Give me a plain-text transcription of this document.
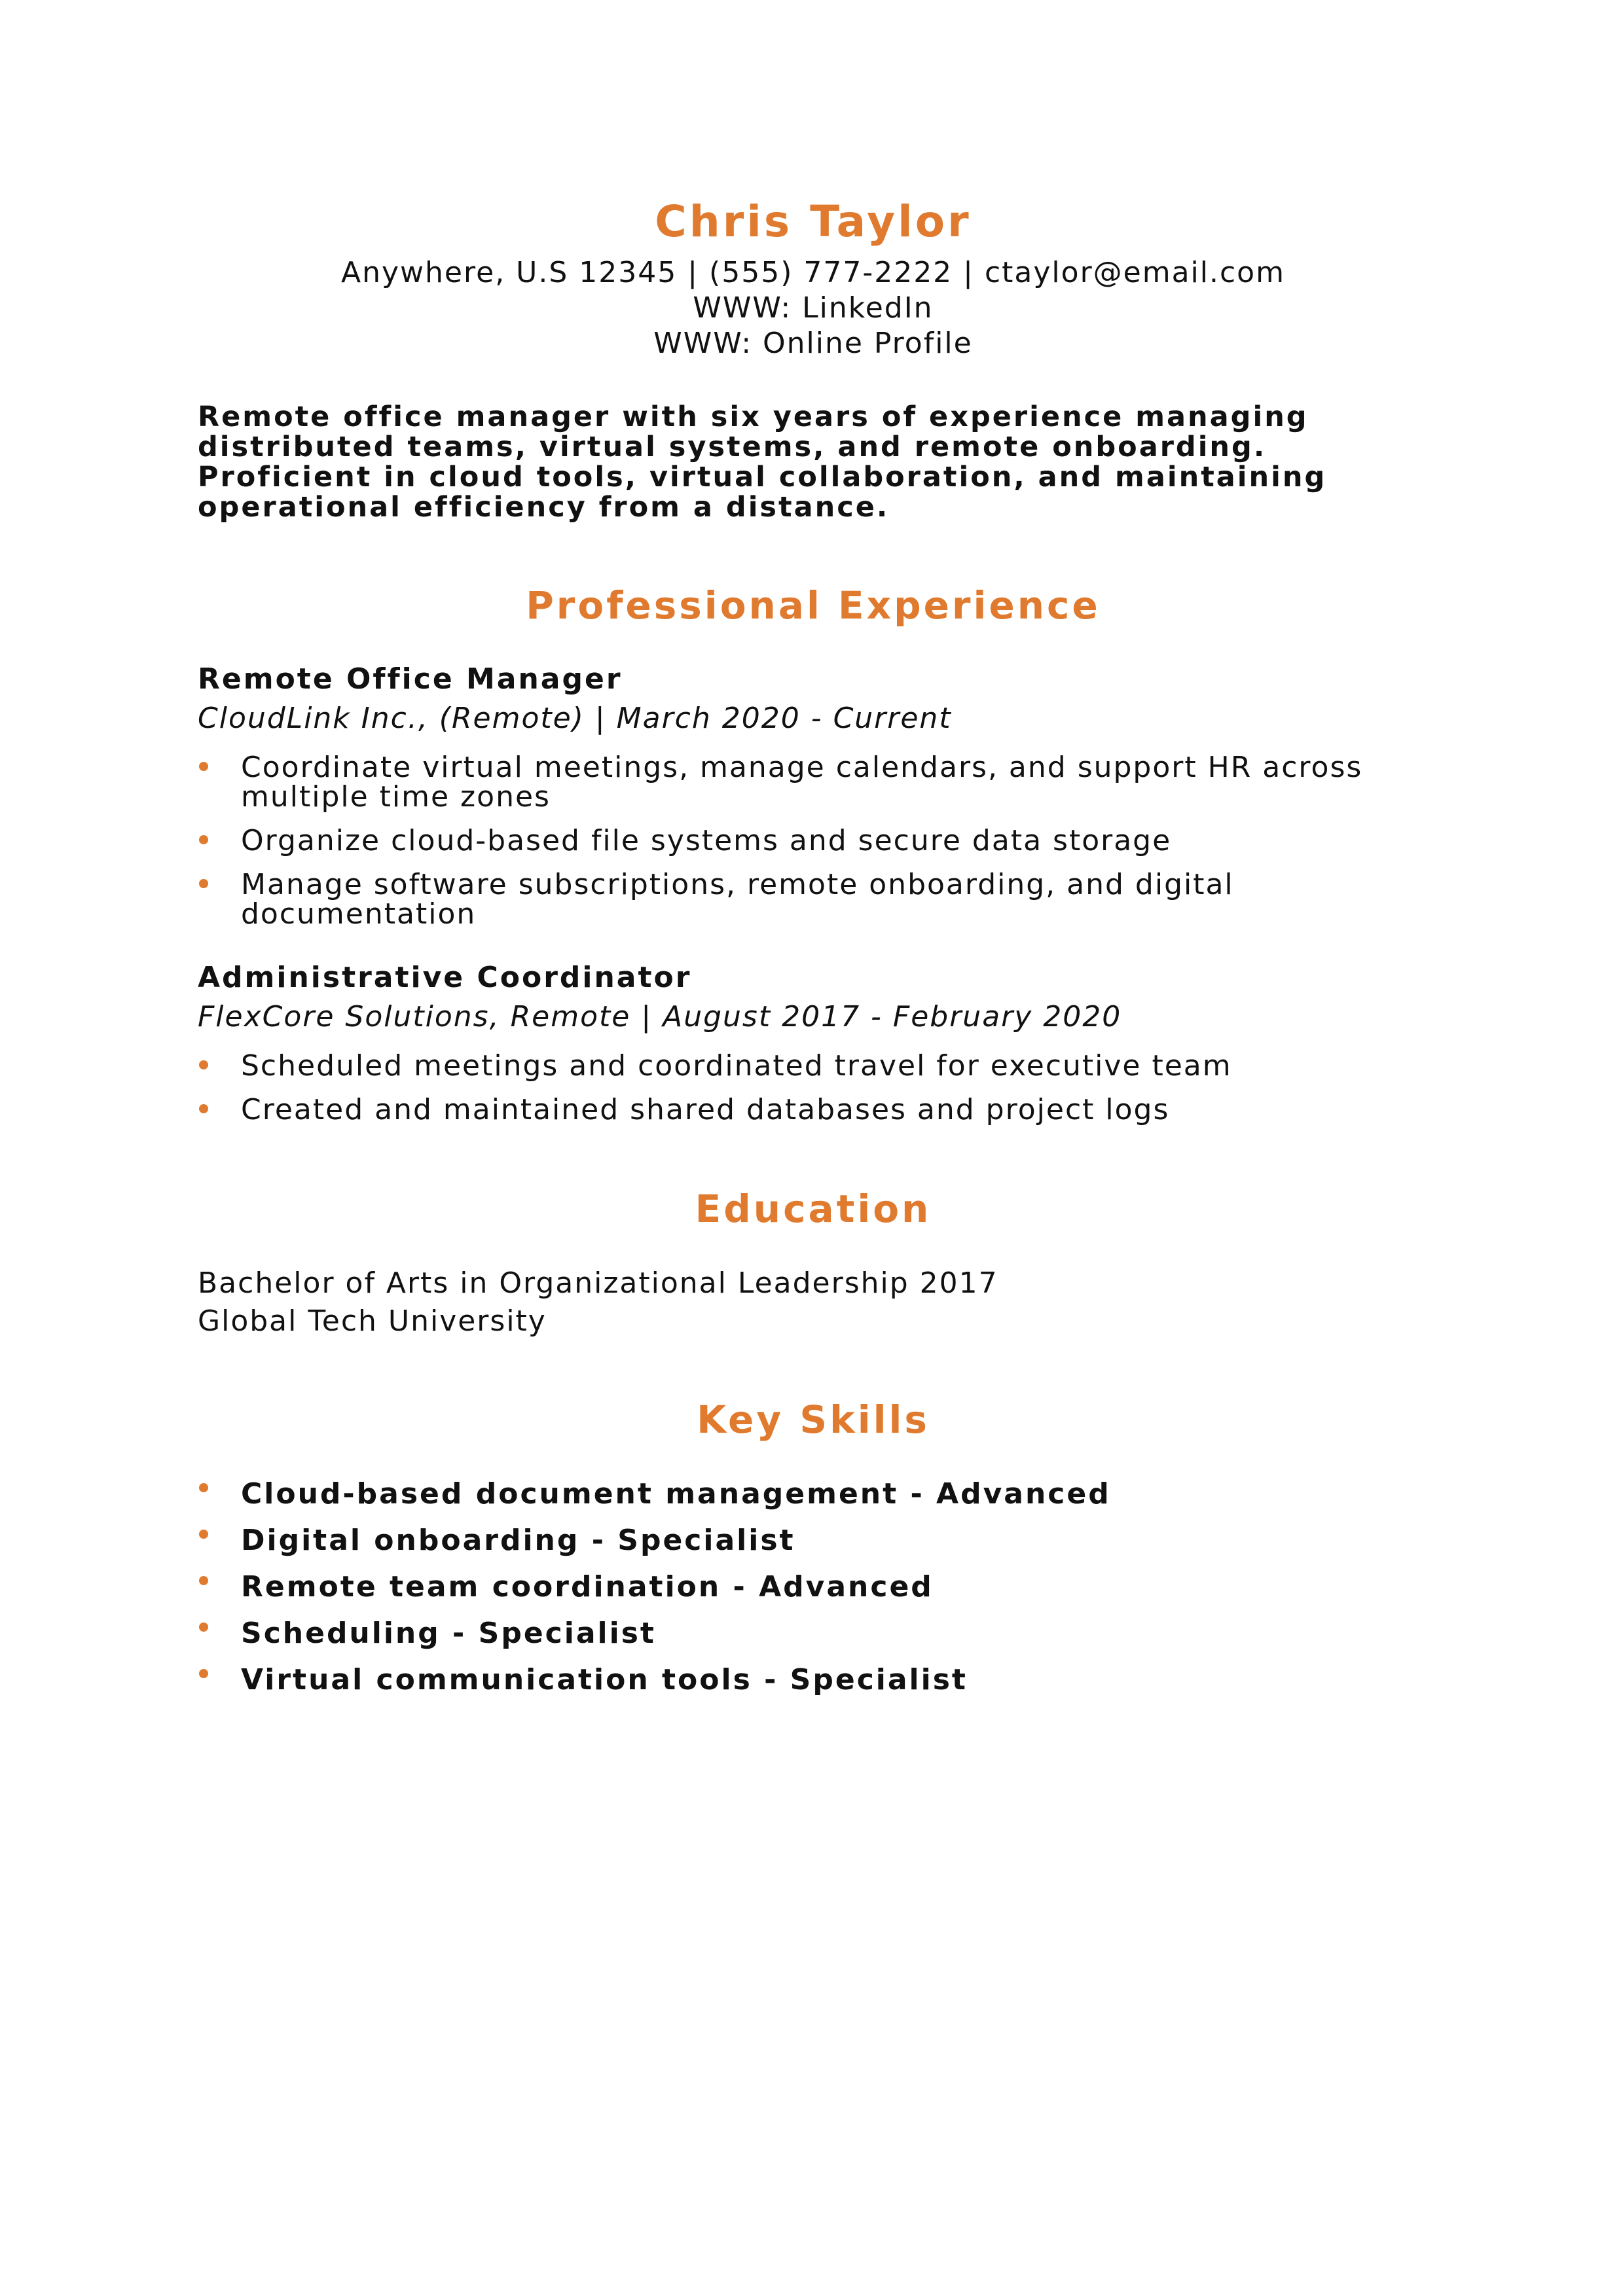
Chris Taylor
Anywhere, U.S 12345 | (555) 777-2222 | ctaylor@email.com
WWW: LinkedIn
WWW: Online Profile
Remote office manager with six years of experience managing distributed teams, virtual systems, and remote onboarding. Proficient in cloud tools, virtual collaboration, and maintaining operational efficiency from a distance.
Professional Experience
Remote Office Manager
CloudLink Inc., (Remote) | March 2020 - Current
Coordinate virtual meetings, manage calendars, and support HR across multiple time zones
Organize cloud-based file systems and secure data storage
Manage software subscriptions, remote onboarding, and digital documentation
Administrative Coordinator
FlexCore Solutions, Remote | August 2017 - February 2020
Scheduled meetings and coordinated travel for executive team
Created and maintained shared databases and project logs
Education
Bachelor of Arts in Organizational Leadership 2017
Global Tech University
Key Skills
Cloud-based document management - Advanced
Digital onboarding - Specialist
Remote team coordination - Advanced
Scheduling - Specialist
Virtual communication tools - Specialist
